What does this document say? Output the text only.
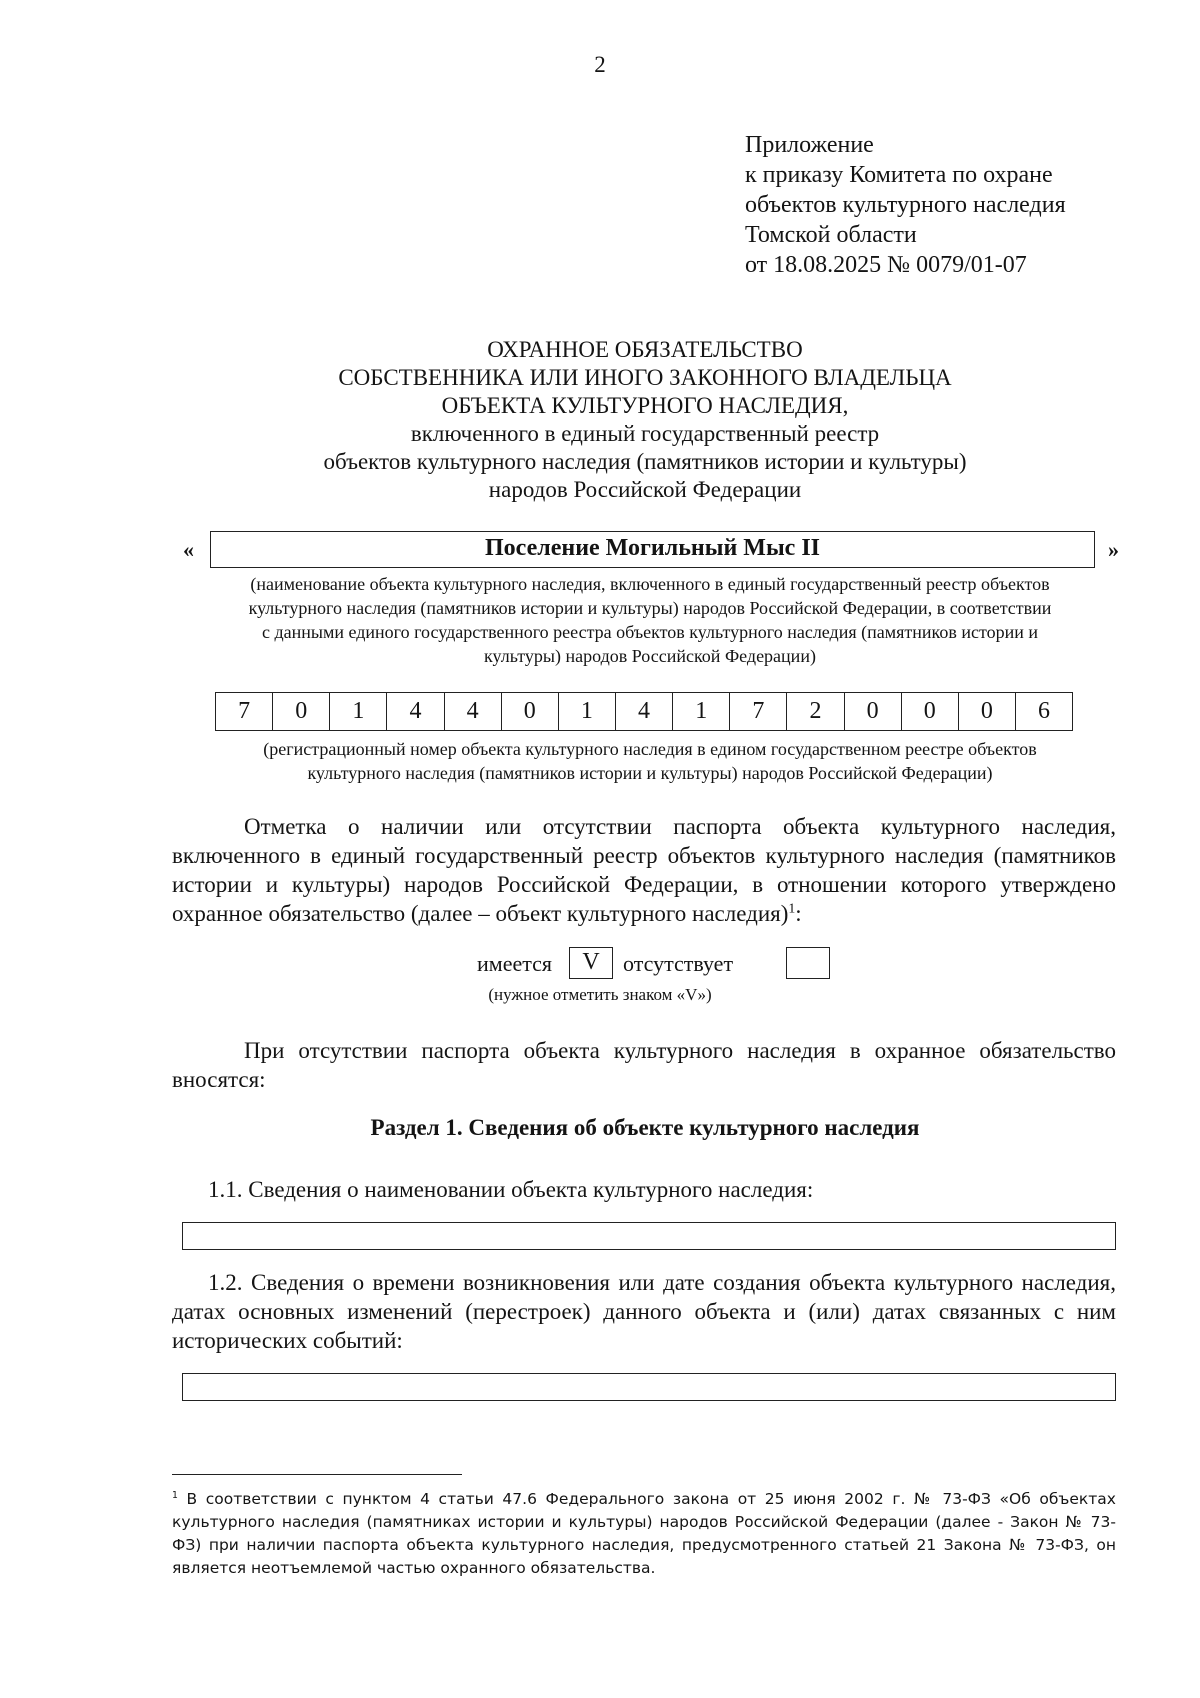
2
Приложение
к приказу Комитета по охране
объектов культурного наследия
Томской области
от 18.08.2025 № 0079/01-07
ОХРАННОЕ ОБЯЗАТЕЛЬСТВО
СОБСТВЕННИКА ИЛИ ИНОГО ЗАКОННОГО ВЛАДЕЛЬЦА
ОБЪЕКТА КУЛЬТУРНОГО НАСЛЕДИЯ,
включенного в единый государственный реестр
объектов культурного наследия (памятников истории и культуры)
народов Российской Федерации
«	Поселение Могильный Мыс II	»
(наименование объекта культурного наследия, включенного в единый государственный реестр объектов
культурного наследия (памятников истории и культуры) народов Российской Федерации, в соответствии
с данными единого государственного реестра объектов культурного наследия (памятников истории и
культуры) народов Российской Федерации)
7	0	1	4	4	0	1	4	1	7	2	0	0	0	6
(регистрационный номер объекта культурного наследия в едином государственном реестре объектов
культурного наследия (памятников истории и культуры) народов Российской Федерации)
Отметка о наличии или отсутствии паспорта объекта культурного наследия, включенного в единый государственный реестр объектов культурного наследия (памятников истории и культуры) народов Российской Федерации, в отношении которого утверждено охранное обязательство (далее – объект культурного наследия)$^1$:
имеется	V	отсутствует
(нужное отметить знаком «V»)
При отсутствии паспорта объекта культурного наследия в охранное обязательство вносятся:
Раздел 1. Сведения об объекте культурного наследия
1.1. Сведения о наименовании объекта культурного наследия:
1.2. Сведения о времени возникновения или дате создания объекта культурного наследия, датах основных изменений (перестроек) данного объекта и (или) датах связанных с ним исторических событий:
$^1$ В соответствии с пунктом 4 статьи 47.6 Федерального закона от 25 июня 2002 г. № 73-ФЗ «Об объектах культурного наследия (памятниках истории и культуры) народов Российской Федерации (далее - Закон № 73-ФЗ) при наличии паспорта объекта культурного наследия, предусмотренного статьей 21 Закона № 73-ФЗ, он является неотъемлемой частью охранного обязательства.
